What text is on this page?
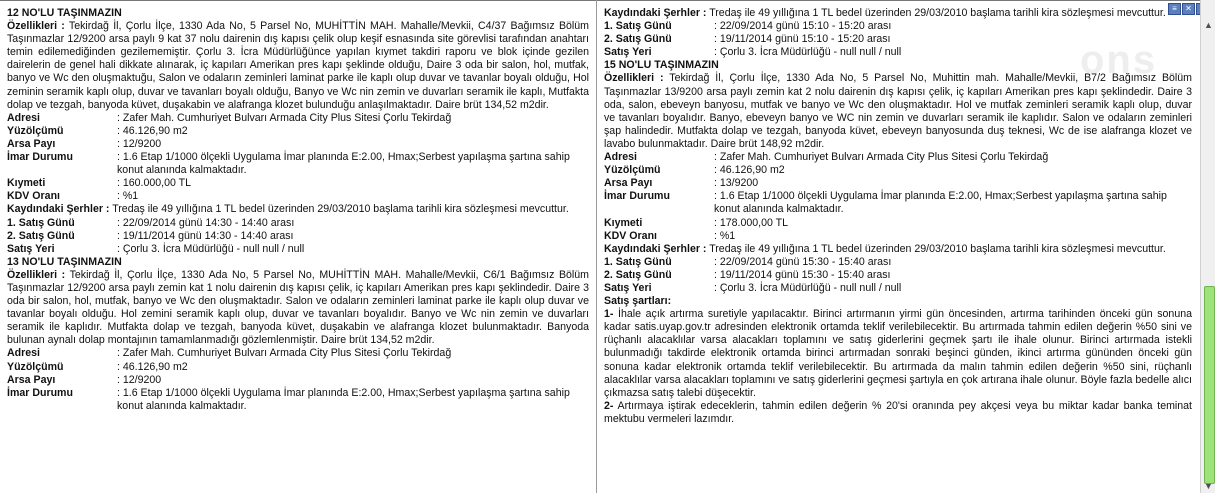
ons
12 NO'LU TAŞINMAZIN
Özellikleri : Tekirdağ İl, Çorlu İlçe, 1330 Ada No, 5 Parsel No, MUHİTTİN MAH. Mahalle/Mevkii, C4/37 Bağımsız Bölüm Taşınmazlar 12/9200 arsa paylı 9 kat 37 nolu dairenin dış kapısı çelik olup keşif esnasında site görevlisi tarafından anahtarı temin edilemediğinden gezilememiştir. Çorlu 3. İcra Müdürlüğünce yapılan kıymet takdiri raporu ve blok içinde gezilen dairelerin de genel hali dikkate alınarak, iç kapıları Amerikan pres kapı şeklinde olduğu, Daire 3 oda bir salon, hol, mutfak, banyo ve Wc den oluşmaktuğu, Salon ve odaların zeminleri laminat parke ile kaplı olup duvar ve tavanlar boyalı olduğu, Hol zeminin seramik kaplı olup, duvar ve tavanları boyalı olduğu, Banyo ve Wc nin zemin ve duvarları seramik ile kaplı, Mutfakta dolap ve tezgah, banyoda küvet, duşakabin ve alafranga klozet bulunduğu anlaşılmaktadır. Daire brüt 134,52 m2dir.
Adresi	: Zafer Mah. Cumhuriyet Bulvarı Armada City Plus Sitesi Çorlu Tekirdağ
Yüzölçümü	: 46.126,90 m2
Arsa Payı	: 12/9200
İmar Durumu	: 1.6 Etap 1/1000 ölçekli Uygulama İmar planında E:2.00, Hmax;Serbest yapılaşma şartına sahip konut alanında kalmaktadır.
Kıymeti	: 160.000,00 TL
KDV Oranı	: %1
Kaydındaki Şerhler : Tredaş ile 49 yıllığına 1 TL bedel üzerinden 29/03/2010 başlama tarihli kira sözleşmesi mevcuttur.
1. Satış Günü	: 22/09/2014 günü 14:30 - 14:40 arası
2. Satış Günü	: 19/11/2014 günü 14:30 - 14:40 arası
Satış Yeri	: Çorlu 3. İcra Müdürlüğü - null null / null
13 NO'LU TAŞINMAZIN
Özellikleri : Tekirdağ İl, Çorlu İlçe, 1330 Ada No, 5 Parsel No, MUHİTTİN MAH. Mahalle/Mevkii, C6/1 Bağımsız Bölüm Taşınmazlar 12/9200 arsa paylı zemin kat 1 nolu dairenin dış kapısı çelik, iç kapıları Amerikan pres kapı şeklindedir. Daire 3 oda bir salon, hol, mutfak, banyo ve Wc den oluşmaktadır. Salon ve odaların zeminleri laminat parke ile kaplı olup duvar ve tavanlar boyalı olduğu. Hol zemini seramik kaplı olup, duvar ve tavanları boyalıdır. Banyo ve Wc nin zemin ve duvarları seramik ile kaplıdır. Mutfakta dolap ve tezgah, banyoda küvet, duşakabin ve alafranga klozet bulunmaktadır. Banyoda bulunan aynalı dolap montajının tamamlanmadığı gözlemlenmiştir. Daire brüt 134,52 m2dir.
Adresi	: Zafer Mah. Cumhuriyet Bulvarı Armada City Plus Sitesi Çorlu Tekirdağ
Yüzölçümü	: 46.126,90 m2
Arsa Payı	: 12/9200
İmar Durumu	: 1.6 Etap 1/1000 ölçekli Uygulama İmar planında E:2.00, Hmax;Serbest yapılaşma şartına sahip konut alanında kalmaktadır.
Kaydındaki Şerhler : Tredaş ile 49 yıllığına 1 TL bedel üzerinden 29/03/2010 başlama tarihli kira sözleşmesi mevcuttur.
1. Satış Günü	: 22/09/2014 günü 15:10 - 15:20 arası
2. Satış Günü	: 19/11/2014 günü 15:10 - 15:20 arası
Satış Yeri	: Çorlu 3. İcra Müdürlüğü - null null / null
15 NO'LU TAŞINMAZIN
Özellikleri : Tekirdağ İl, Çorlu İlçe, 1330 Ada No, 5 Parsel No, Muhittin mah. Mahalle/Mevkii, B7/2 Bağımsız Bölüm Taşınmazlar 13/9200 arsa paylı zemin kat 2 nolu dairenin dış kapısı çelik, iç kapıları Amerikan pres kapı şeklindedir. Daire 3 oda, salon, ebeveyn banyosu, mutfak ve banyo ve Wc den oluşmaktadır. Hol ve mutfak zeminleri seramik kaplı olup, duvar ve tavanları boyalıdır. Banyo, ebeveyn banyo ve WC nin zemin ve duvarları seramik ile kaplıdır. Salon ve odaların zeminleri şap halindedir. Mutfakta dolap ve tezgah, banyoda küvet, ebeveyn banyosunda duş teknesi, Wc de ise alafranga klozet ve lavabo bulunmaktadır. Daire brüt 148,92 m2dir.
Adresi	: Zafer Mah. Cumhuriyet Bulvarı Armada City Plus Sitesi Çorlu Tekirdağ
Yüzölçümü	: 46.126,90 m2
Arsa Payı	: 13/9200
İmar Durumu	: 1.6 Etap 1/1000 ölçekli Uygulama İmar planında E:2.00, Hmax;Serbest yapılaşma şartına sahip konut alanında kalmaktadır.
Kıymeti	: 178.000,00 TL
KDV Oranı	: %1
Kaydındaki Şerhler : Tredaş ile 49 yıllığına 1 TL bedel üzerinden 29/03/2010 başlama tarihli kira sözleşmesi mevcuttur.
1. Satış Günü	: 22/09/2014 günü 15:30 - 15:40 arası
2. Satış Günü	: 19/11/2014 günü 15:30 - 15:40 arası
Satış Yeri	: Çorlu 3. İcra Müdürlüğü - null null / null
Satış şartları:
1- İhale açık artırma suretiyle yapılacaktır. Birinci artırmanın yirmi gün öncesinden, artırma tarihinden önceki gün sonuna kadar satis.uyap.gov.tr adresinden elektronik ortamda teklif verilebilecektir. Bu artırmada tahmin edilen değerin %50 sini ve rüçhanlı alacaklılar varsa alacakları toplamını ve satış giderlerini geçmek şartı ile ihale olunur. Birinci artırmada istekli bulunmadığı takdirde elektronik ortamda birinci artırmadan sonraki beşinci günden, ikinci artırma gününden önceki gün sonuna kadar elektronik ortamda teklif verilebilecektir. Bu artırmada da malın tahmin edilen değerin %50 sini, rüçhanlı alacaklılar varsa alacakları toplamını ve satış giderlerini geçmesi şartıyla en çok artırana ihale olunur. Böyle fazla bedelle alıcı çıkmazsa satış talebi düşecektir.
2- Artırmaya iştirak edeceklerin, tahmin edilen değerin % 20'si oranında pey akçesi veya bu miktar kadar banka teminat mektubu vermeleri lazımdır.
≡	✕
▲
▼
